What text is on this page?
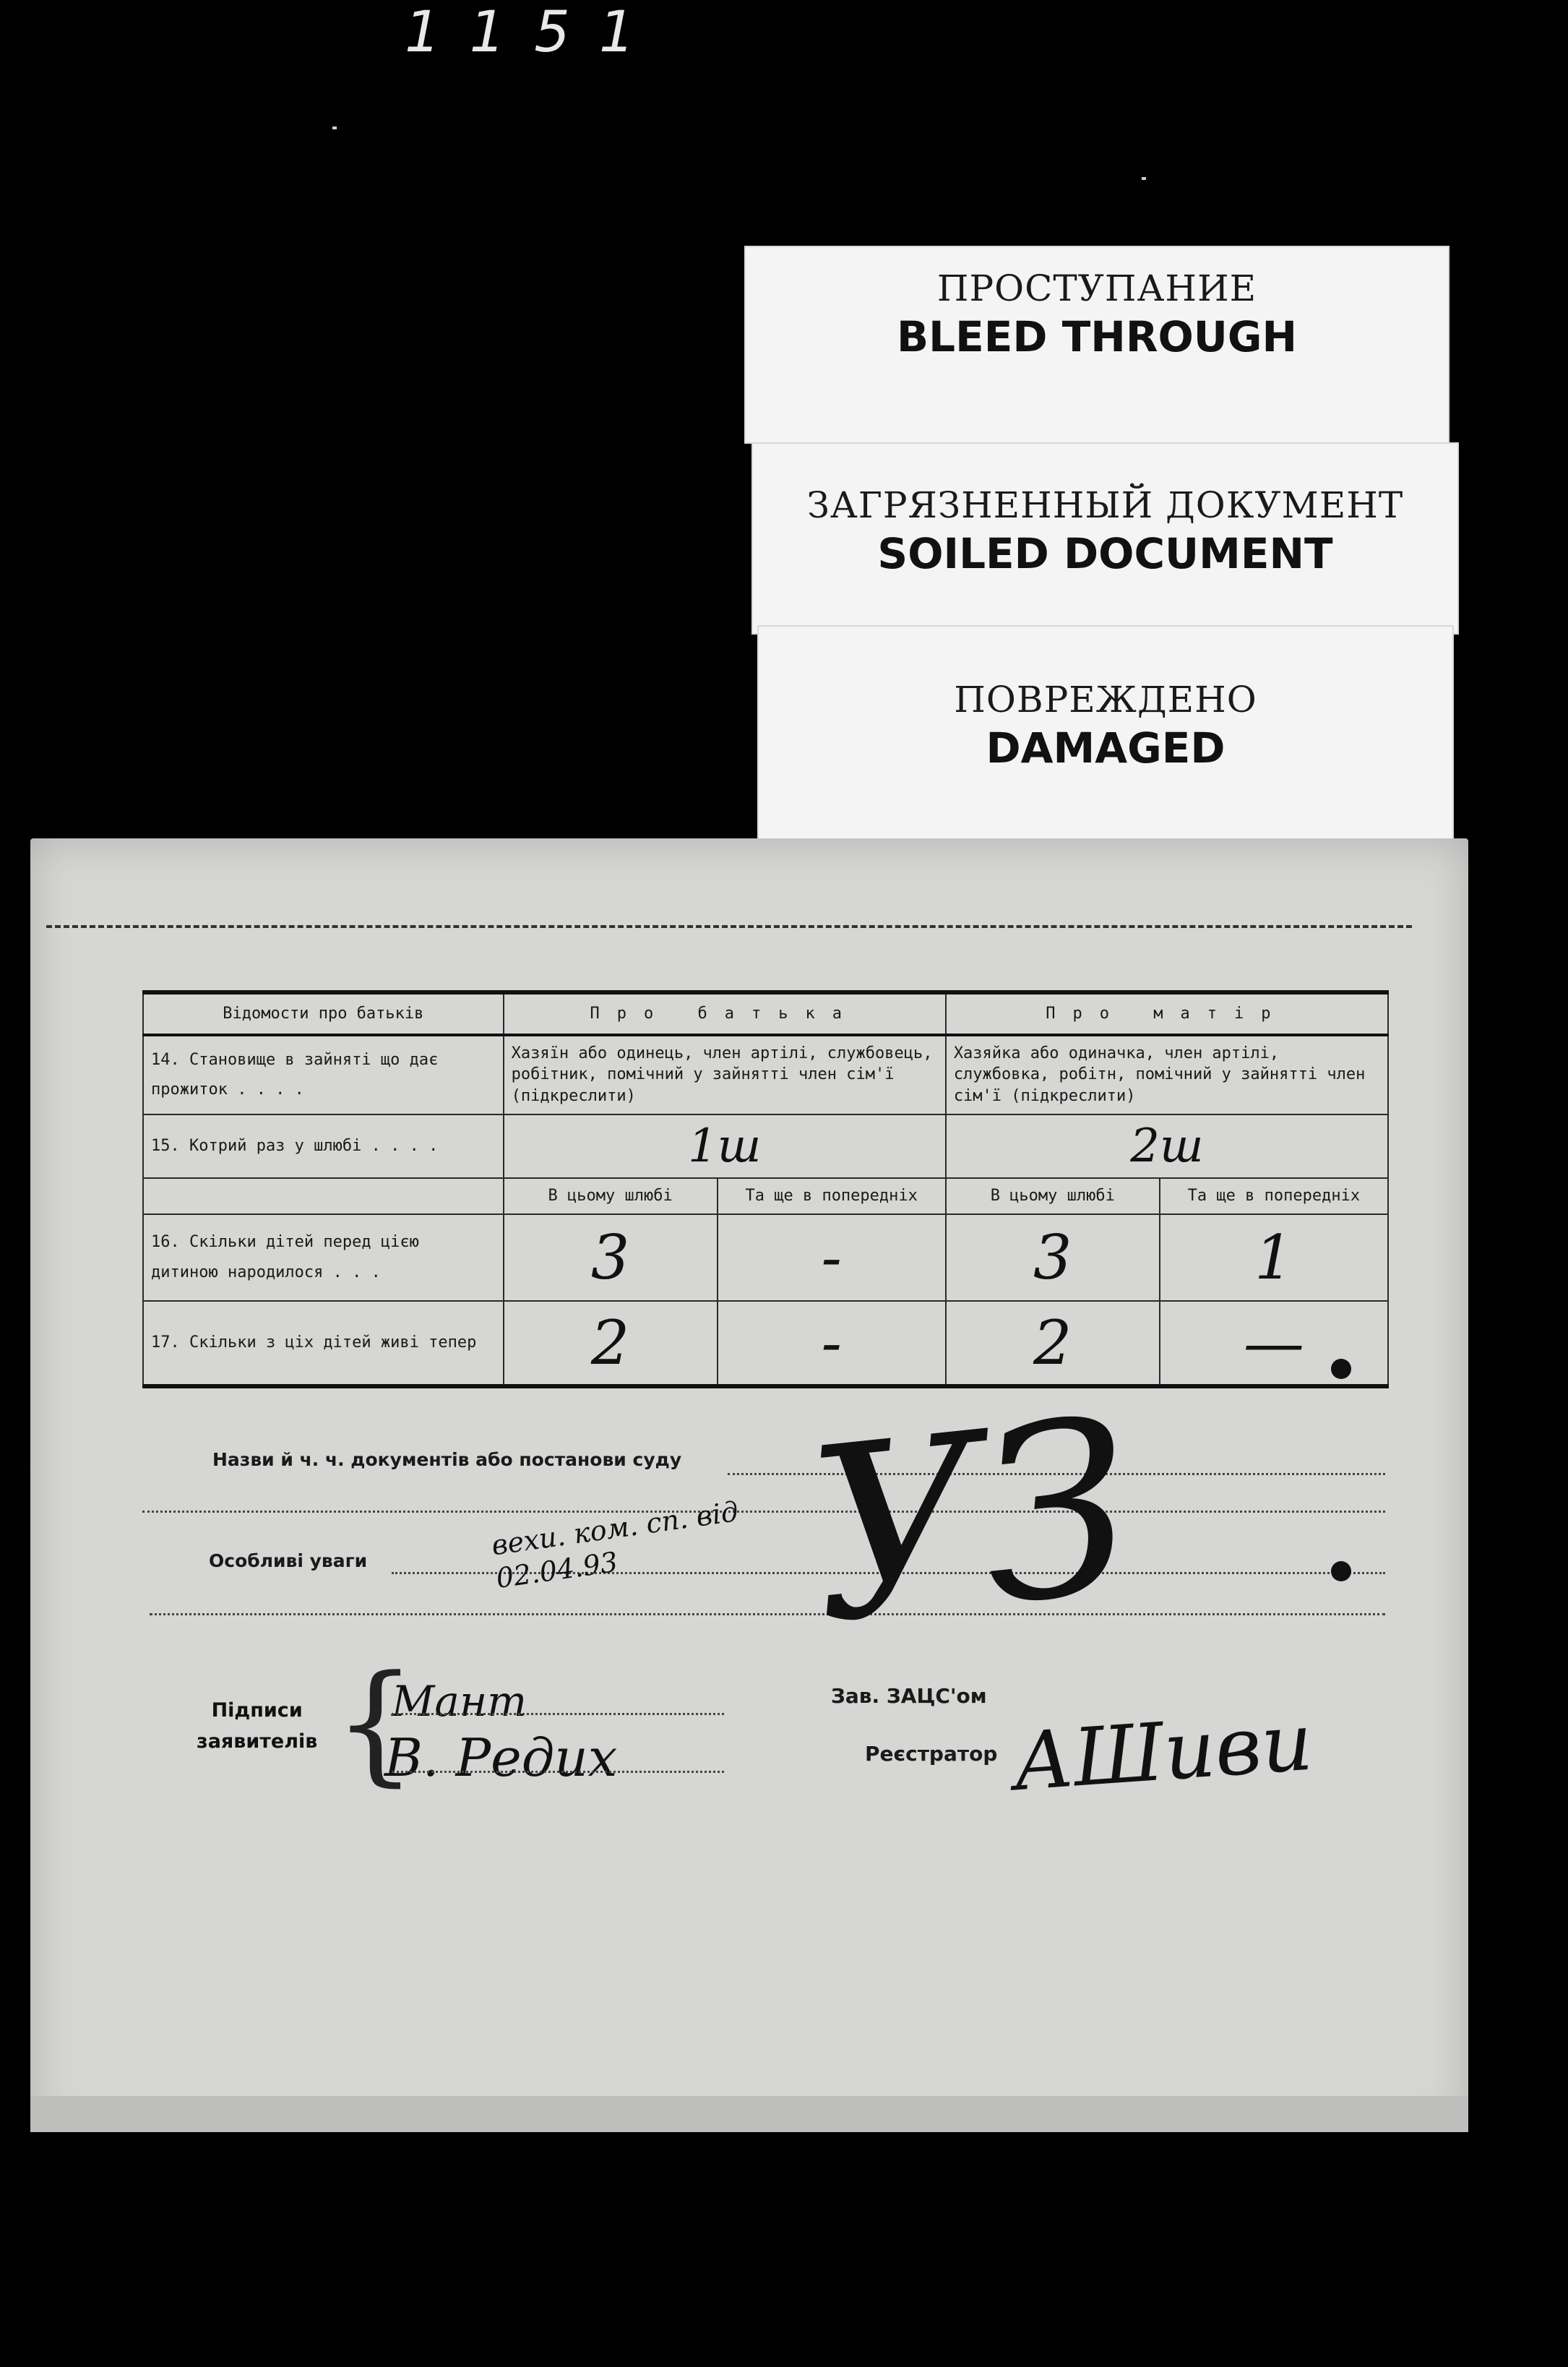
1151
ПРОСТУПАНИЕ
BLEED THROUGH
ЗАГРЯЗНЕННЫЙ ДОКУМЕНТ
SOILED DOCUMENT
ПОВРЕЖДЕНО
DAMAGED
Відомости про батьків	Про батька		Про матір	
14. Становище в зайняті що дає прожиток . . . .	Хазяїн або одинець, член артілі, службовець, робітник, помічний у зайнятті член сім'ї (підкреслити)		Хазяйка або одиначка, член артілі, службовка, робітн, помічний у зайнятті член сім'ї (підкреслити)	
15. Котрий раз у шлюбі . . . .	1ш		2ш	
	В цьому шлюбі	Та ще в попередніх	В цьому шлюбі	Та ще в попередніх
16. Скільки дітей перед цією дитиною народилося . . .	3	-	3	1
17. Скільки з ціх дітей живі тепер	2	-	2	—
Назви й ч. ч. документів або постанови суду
Особливі уваги	вехи. ком. сп. від 02.04.93 УЗ
Підписи
заявителів {
Мант
В. Редих
Зав. ЗАЦС'ом
Реєстратор АШиви
